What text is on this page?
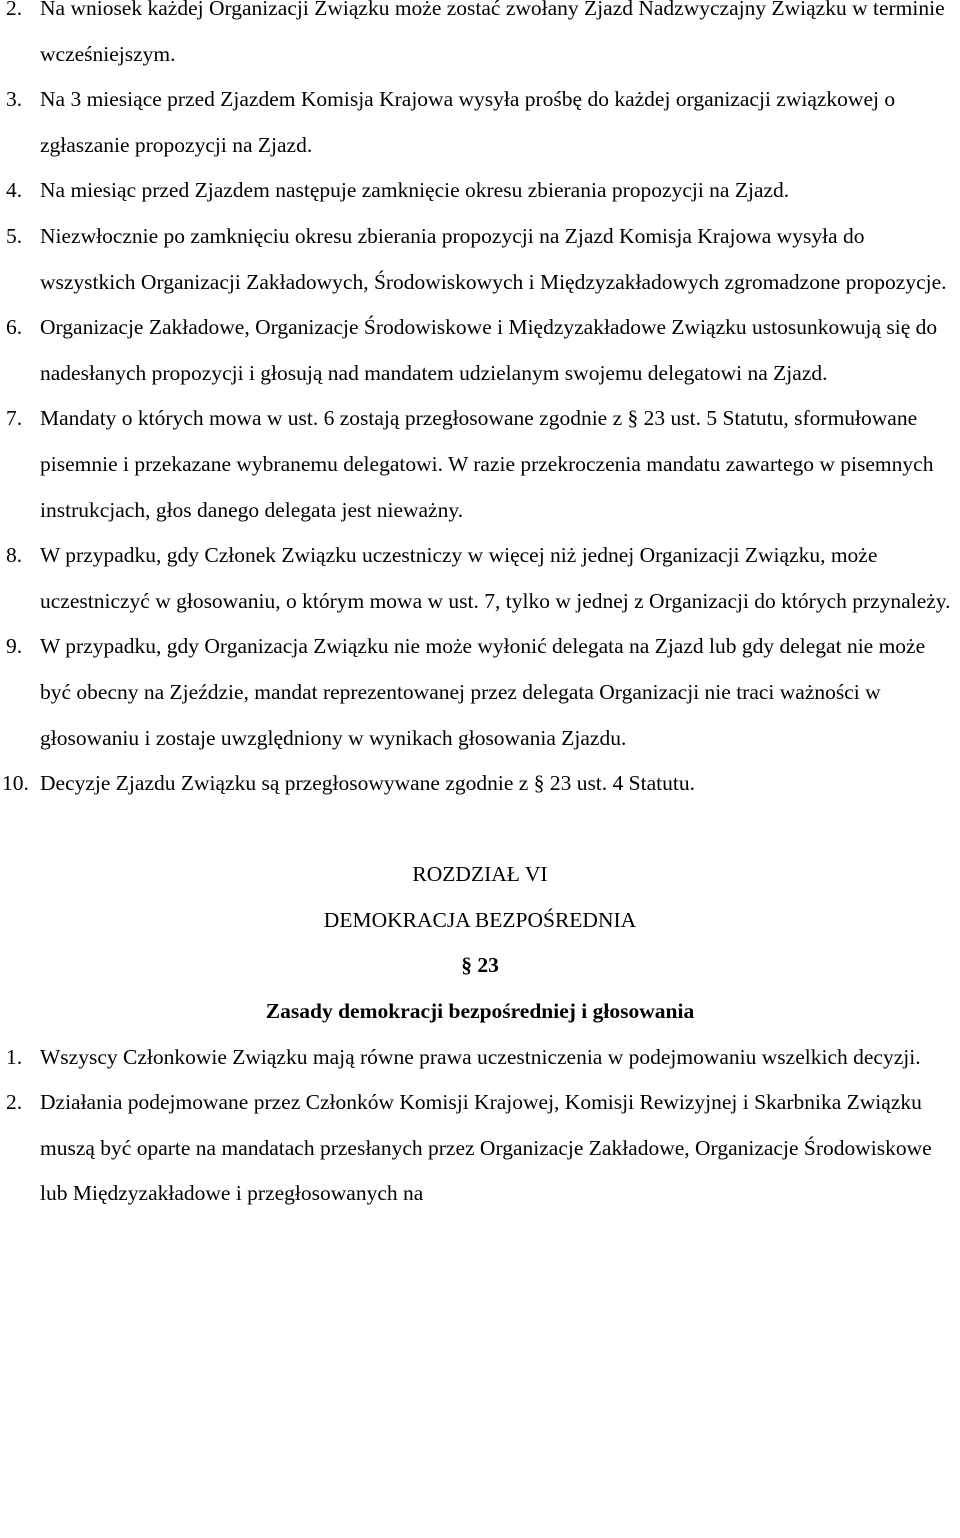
2. Na wniosek każdej Organizacji Związku może zostać zwołany Zjazd Nadzwyczajny Związku w terminie wcześniejszym.

3. Na 3 miesiące przed Zjazdem Komisja Krajowa wysyła prośbę do każdej organizacji związkowej o zgłaszanie propozycji na Zjazd.

4. Na miesiąc przed Zjazdem następuje zamknięcie okresu zbierania propozycji na Zjazd.

5. Niezwłocznie po zamknięciu okresu zbierania propozycji na Zjazd Komisja Krajowa wysyła do wszystkich Organizacji Zakładowych, Środowiskowych i Międzyzakładowych zgromadzone propozycje.

6. Organizacje Zakładowe, Organizacje Środowiskowe i Międzyzakładowe Związku ustosunkowują się do nadesłanych propozycji i głosują nad mandatem udzielanym swojemu delegatowi na Zjazd.

7. Mandaty o których mowa w ust. 6 zostają przegłosowane zgodnie z § 23 ust. 5 Statutu, sformułowane pisemnie i przekazane wybranemu delegatowi. W razie przekroczenia mandatu zawartego w pisemnych instrukcjach, głos danego delegata jest nieważny.

8. W przypadku, gdy Członek Związku uczestniczy w więcej niż jednej Organizacji Związku, może uczestniczyć w głosowaniu, o którym mowa w ust. 7, tylko w jednej z Organizacji do których przynależy.

9. W przypadku, gdy Organizacja Związku nie może wyłonić delegata na Zjazd lub gdy delegat nie może być obecny na Zjeździe, mandat reprezentowanej przez delegata Organizacji nie traci ważności w głosowaniu i zostaje uwzględniony w wynikach głosowania Zjazdu.

10. Decyzje Zjazdu Związku są przegłosowywane zgodnie z § 23 ust. 4 Statutu.

ROZDZIAŁ VI

DEMOKRACJA BEZPOŚREDNIA

§ 23

Zasady demokracji bezpośredniej i głosowania

1. Wszyscy Członkowie Związku mają równe prawa uczestniczenia w podejmowaniu wszelkich decyzji.

2. Działania podejmowane przez Członków Komisji Krajowej, Komisji Rewizyjnej i Skarbnika Związku muszą być oparte na mandatach przesłanych przez Organizacje Zakładowe, Organizacje Środowiskowe lub Międzyzakładowe i przegłosowanych na
